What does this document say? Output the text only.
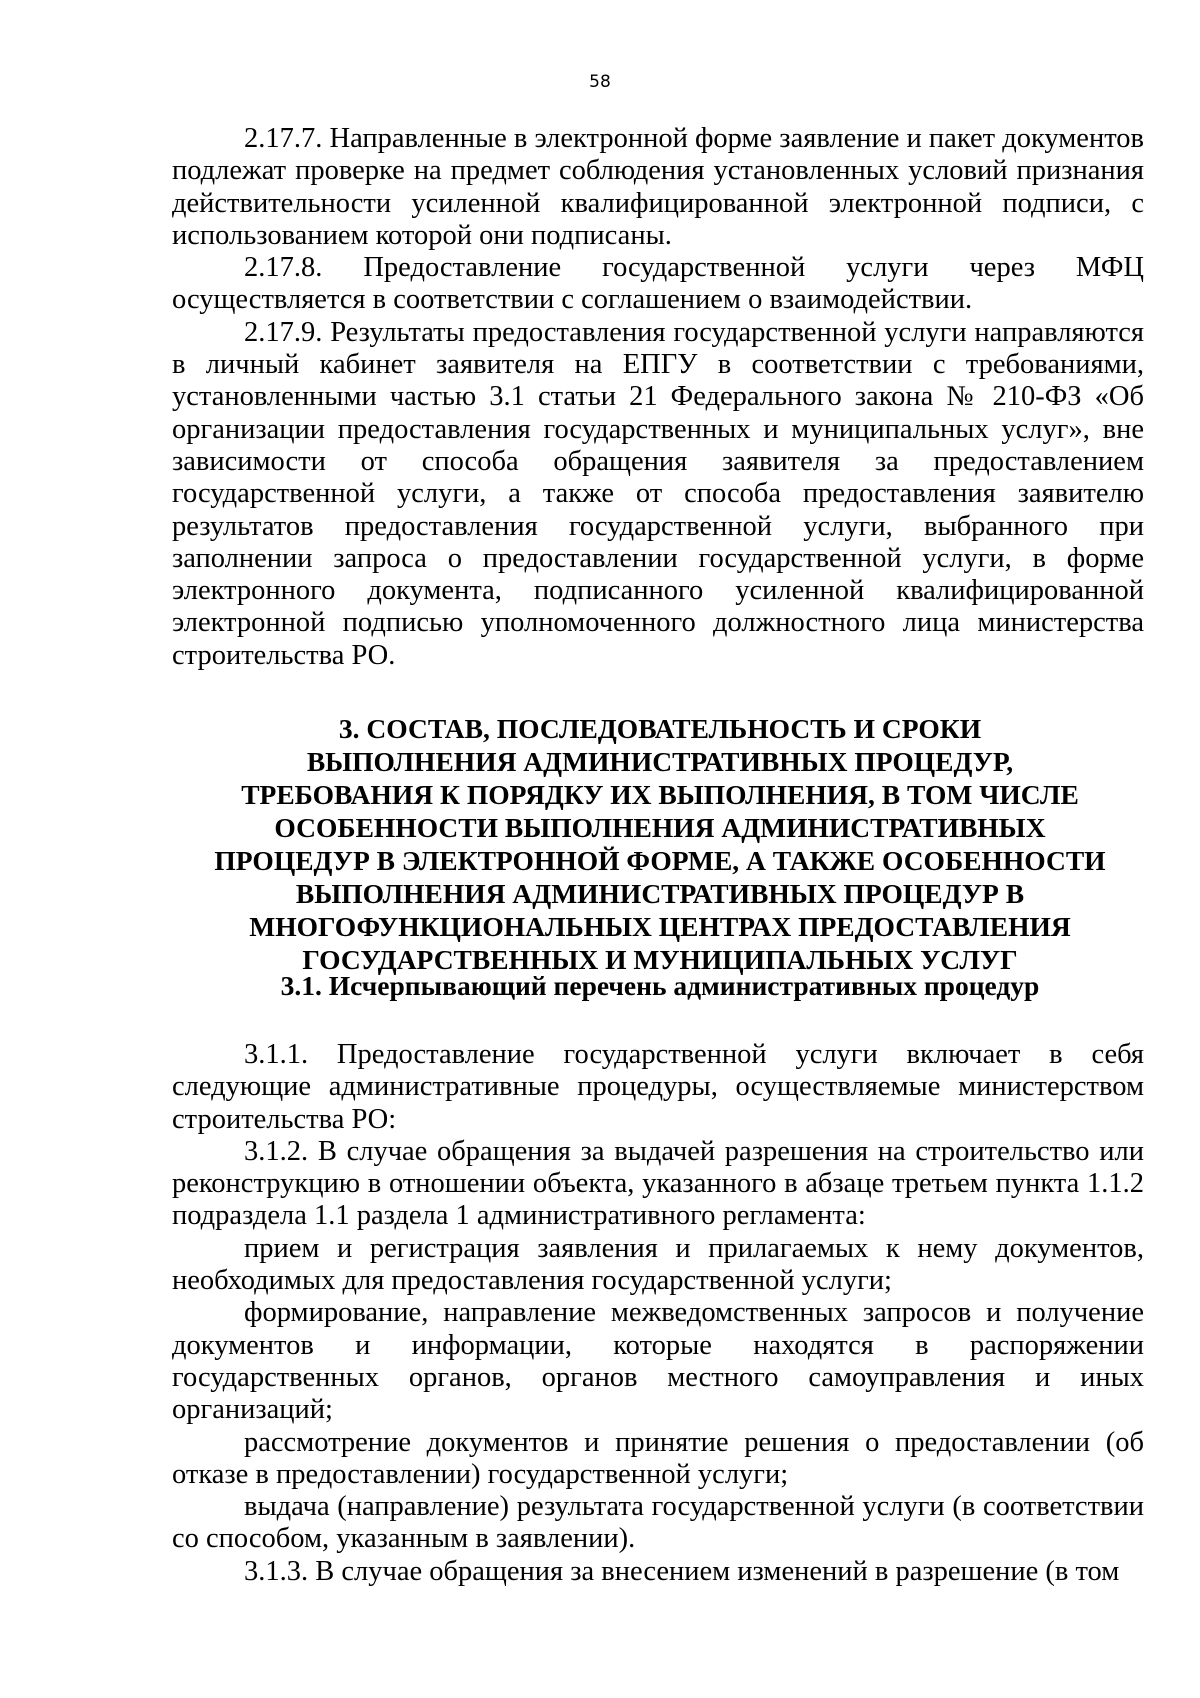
58

2.17.7. Направленные в электронной форме заявление и пакет документов подлежат проверке на предмет соблюдения установленных условий признания действительности усиленной квалифицированной электронной подписи, с использованием которой они подписаны.

2.17.8. Предоставление государственной услуги через МФЦ осуществляется в соответствии с соглашением о взаимодействии.

2.17.9. Результаты предоставления государственной услуги направляются в личный кабинет заявителя на ЕПГУ в соответствии с требованиями, установленными частью 3.1 статьи 21 Федерального закона № 210-ФЗ «Об организации предоставления государственных и муниципальных услуг», вне зависимости от способа обращения заявителя за предоставлением государственной услуги, а также от способа предоставления заявителю результатов предоставления государственной услуги, выбранного при заполнении запроса о предоставлении государственной услуги, в форме электронного документа, подписанного усиленной квалифицированной электронной подписью уполномоченного должностного лица министерства строительства РО.

3. СОСТАВ, ПОСЛЕДОВАТЕЛЬНОСТЬ И СРОКИ
ВЫПОЛНЕНИЯ АДМИНИСТРАТИВНЫХ ПРОЦЕДУР,
ТРЕБОВАНИЯ К ПОРЯДКУ ИХ ВЫПОЛНЕНИЯ, В ТОМ ЧИСЛЕ
ОСОБЕННОСТИ ВЫПОЛНЕНИЯ АДМИНИСТРАТИВНЫХ
ПРОЦЕДУР В ЭЛЕКТРОННОЙ ФОРМЕ, А ТАКЖЕ ОСОБЕННОСТИ
ВЫПОЛНЕНИЯ АДМИНИСТРАТИВНЫХ ПРОЦЕДУР В
МНОГОФУНКЦИОНАЛЬНЫХ ЦЕНТРАХ ПРЕДОСТАВЛЕНИЯ
ГОСУДАРСТВЕННЫХ И МУНИЦИПАЛЬНЫХ УСЛУГ
3.1. Исчерпывающий перечень административных процедур

3.1.1. Предоставление государственной услуги включает в себя следующие административные процедуры, осуществляемые министерством строительства РО:

3.1.2. В случае обращения за выдачей разрешения на строительство или реконструкцию в отношении объекта, указанного в абзаце третьем пункта 1.1.2 подраздела 1.1 раздела 1 административного регламента:

прием и регистрация заявления и прилагаемых к нему документов, необходимых для предоставления государственной услуги;

формирование, направление межведомственных запросов и получение документов и информации, которые находятся в распоряжении государственных органов, органов местного самоуправления и иных организаций;

рассмотрение документов и принятие решения о предоставлении (об отказе в предоставлении) государственной услуги;

выдача (направление) результата государственной услуги (в соответствии со способом, указанным в заявлении).

3.1.3. В случае обращения за внесением изменений в разрешение (в том
